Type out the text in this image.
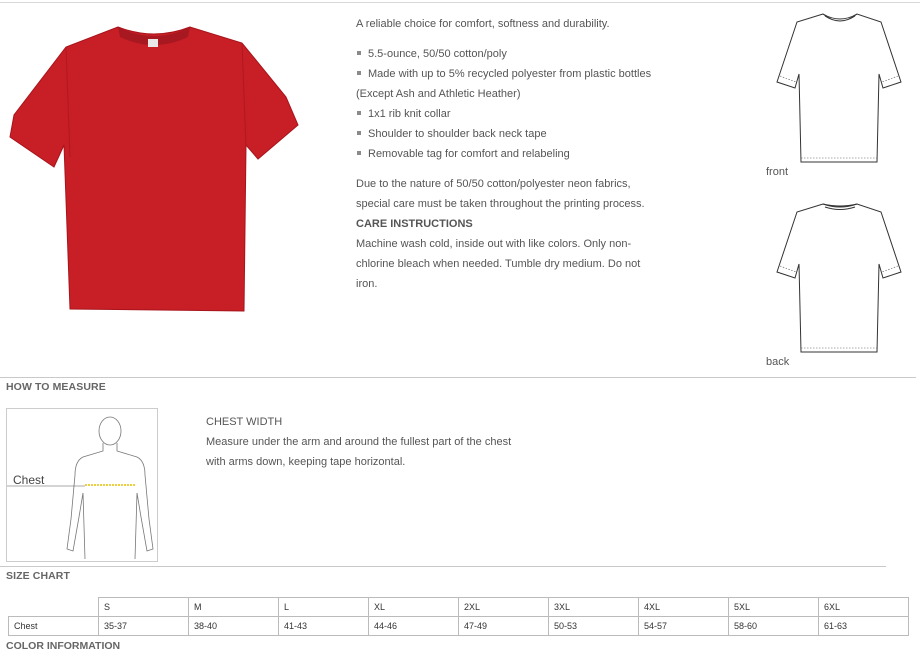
A reliable choice for comfort, softness and durability.

5.5-ounce, 50/50 cotton/poly
Made with up to 5% recycled polyester from plastic bottles
(Except Ash and Athletic Heather)
1x1 rib knit collar
Shoulder to shoulder back neck tape
Removable tag for comfort and relabeling

Due to the nature of 50/50 cotton/polyester neon fabrics,

special care must be taken throughout the printing process.

CARE INSTRUCTIONS

Machine wash cold, inside out with like colors. Only non-

chlorine bleach when needed. Tumble dry medium. Do not

iron.

front
back
HOW TO MEASURE
Chest
CHEST WIDTH
Measure under the arm and around the fullest part of the chest
with arms down, keeping tape horizontal.
SIZE CHART
	S	M	L	XL	2XL	3XL	4XL	5XL	6XL
Chest	35-37	38-40	41-43	44-46	47-49	50-53	54-57	58-60	61-63
COLOR INFORMATION
